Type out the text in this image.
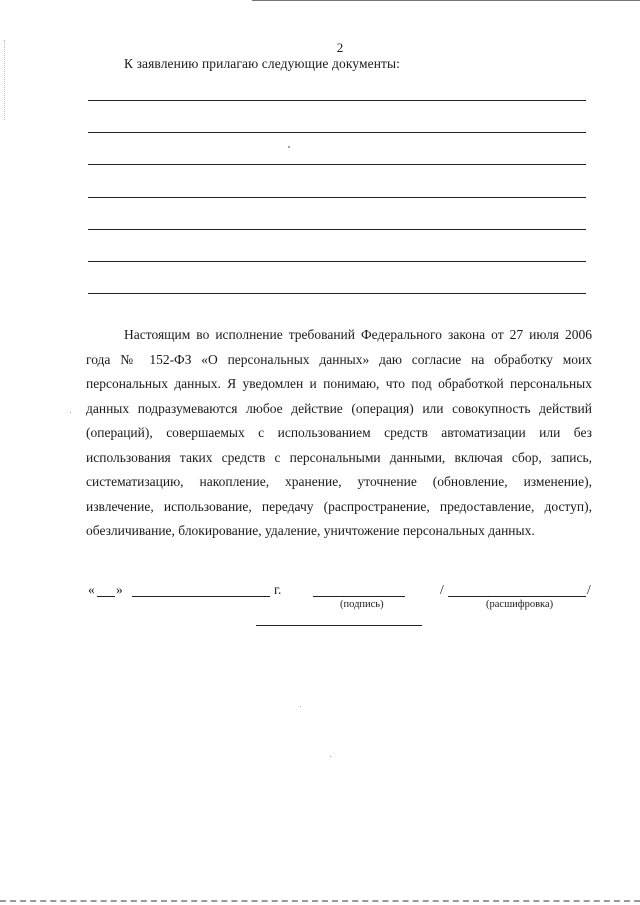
2
К заявлению прилагаю следующие документы:
Настоящим во исполнение требований Федерального закона от 27 июля 2006 года № 152-ФЗ «О персональных данных» даю согласие на обработку моих персональных данных. Я уведомлен и понимаю, что под обработкой персональных данных подразумеваются любое действие (операция) или совокупность действий (операций), совершаемых с использованием средств автоматизации или без использования таких средств с персональными данными, включая сбор, запись, систематизацию, накопление, хранение, уточнение (обновление, изменение), извлечение, использование, передачу (распространение, предоставление, доступ), обезличивание, блокирование, удаление, уничтожение персональных данных.
« »	г.
(подпись)
/	/
(расшифровка)
